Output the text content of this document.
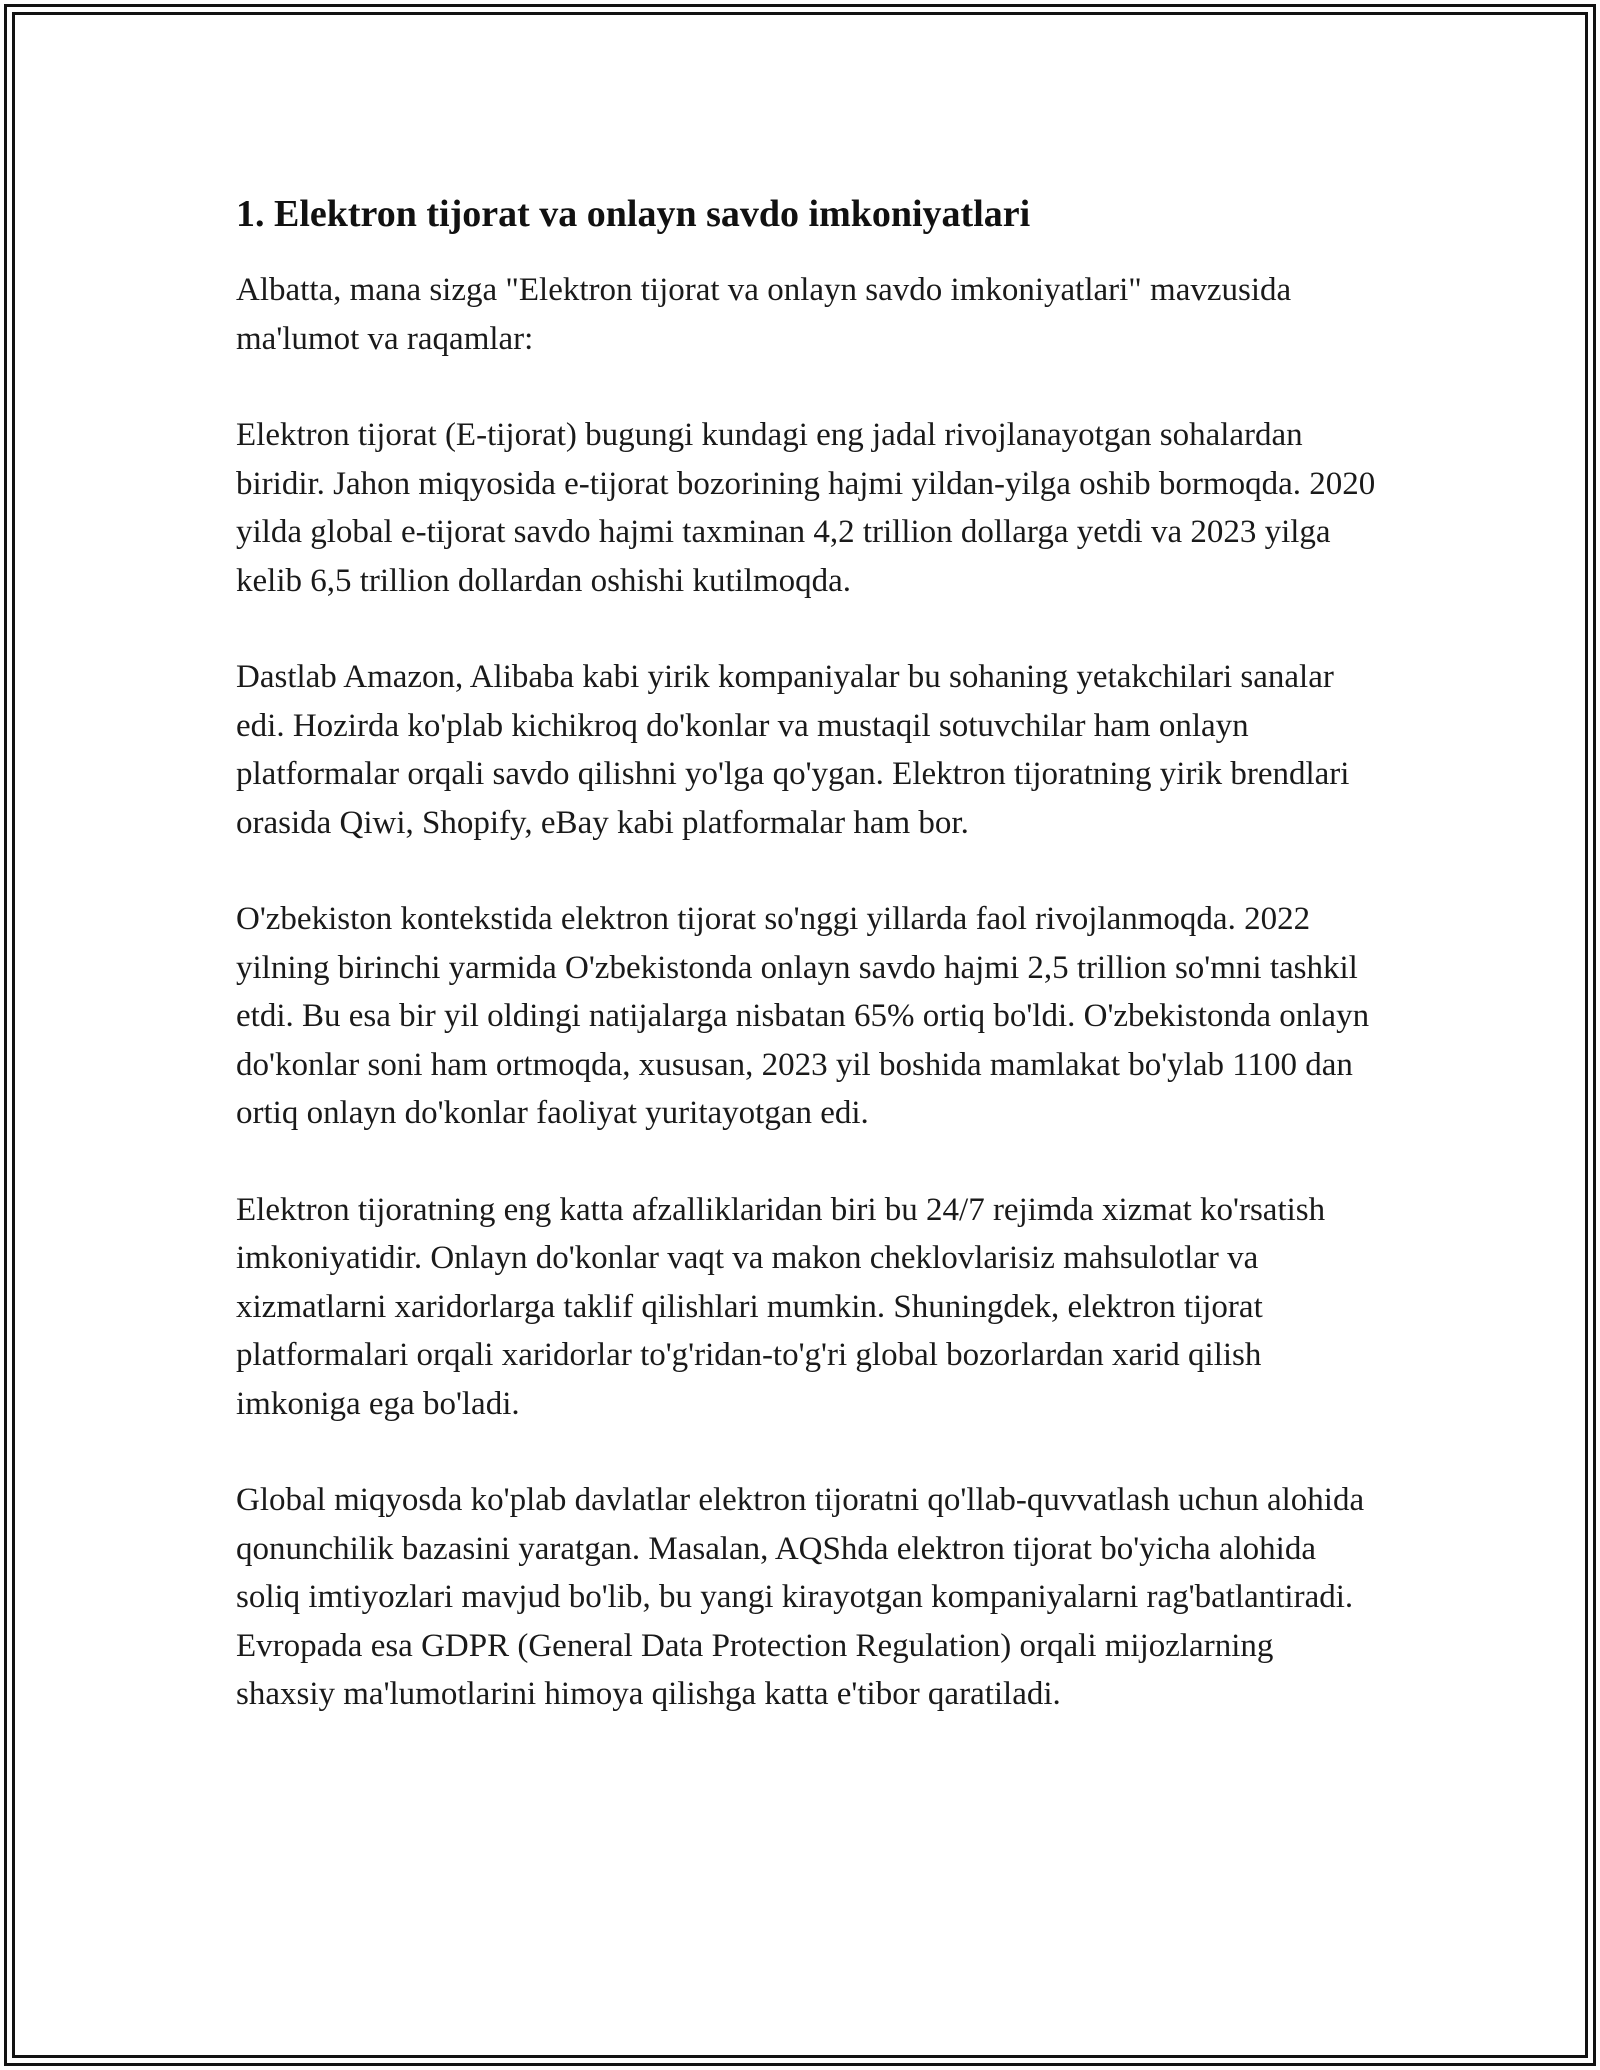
1. Elektron tijorat va onlayn savdo imkoniyatlari

Albatta, mana sizga "Elektron tijorat va onlayn savdo imkoniyatlari" mavzusida ma'lumot va raqamlar:

Elektron tijorat (E-tijorat) bugungi kundagi eng jadal rivojlanayotgan sohalardan biridir. Jahon miqyosida e-tijorat bozorining hajmi yildan-yilga oshib bormoqda. 2020 yilda global e-tijorat savdo hajmi taxminan 4,2 trillion dollarga yetdi va 2023 yilga kelib 6,5 trillion dollardan oshishi kutilmoqda.

Dastlab Amazon, Alibaba kabi yirik kompaniyalar bu sohaning yetakchilari sanalar edi. Hozirda ko'plab kichikroq do'konlar va mustaqil sotuvchilar ham onlayn platformalar orqali savdo qilishni yo'lga qo'ygan. Elektron tijoratning yirik brendlari orasida Qiwi, Shopify, eBay kabi platformalar ham bor.

O'zbekiston kontekstida elektron tijorat so'nggi yillarda faol rivojlanmoqda. 2022 yilning birinchi yarmida O'zbekistonda onlayn savdo hajmi 2,5 trillion so'mni tashkil etdi. Bu esa bir yil oldingi natijalarga nisbatan 65% ortiq bo'ldi. O'zbekistonda onlayn do'konlar soni ham ortmoqda, xususan, 2023 yil boshida mamlakat bo'ylab 1100 dan ortiq onlayn do'konlar faoliyat yuritayotgan edi.

Elektron tijoratning eng katta afzalliklaridan biri bu 24/7 rejimda xizmat ko'rsatish imkoniyatidir. Onlayn do'konlar vaqt va makon cheklovlarisiz mahsulotlar va xizmatlarni xaridorlarga taklif qilishlari mumkin. Shuningdek, elektron tijorat platformalari orqali xaridorlar to'g'ridan-to'g'ri global bozorlardan xarid qilish imkoniga ega bo'ladi.

Global miqyosda ko'plab davlatlar elektron tijoratni qo'llab-quvvatlash uchun alohida qonunchilik bazasini yaratgan. Masalan, AQShda elektron tijorat bo'yicha alohida soliq imtiyozlari mavjud bo'lib, bu yangi kirayotgan kompaniyalarni rag'batlantiradi. Evropada esa GDPR (General Data Protection Regulation) orqali mijozlarning shaxsiy ma'lumotlarini himoya qilishga katta e'tibor qaratiladi.
